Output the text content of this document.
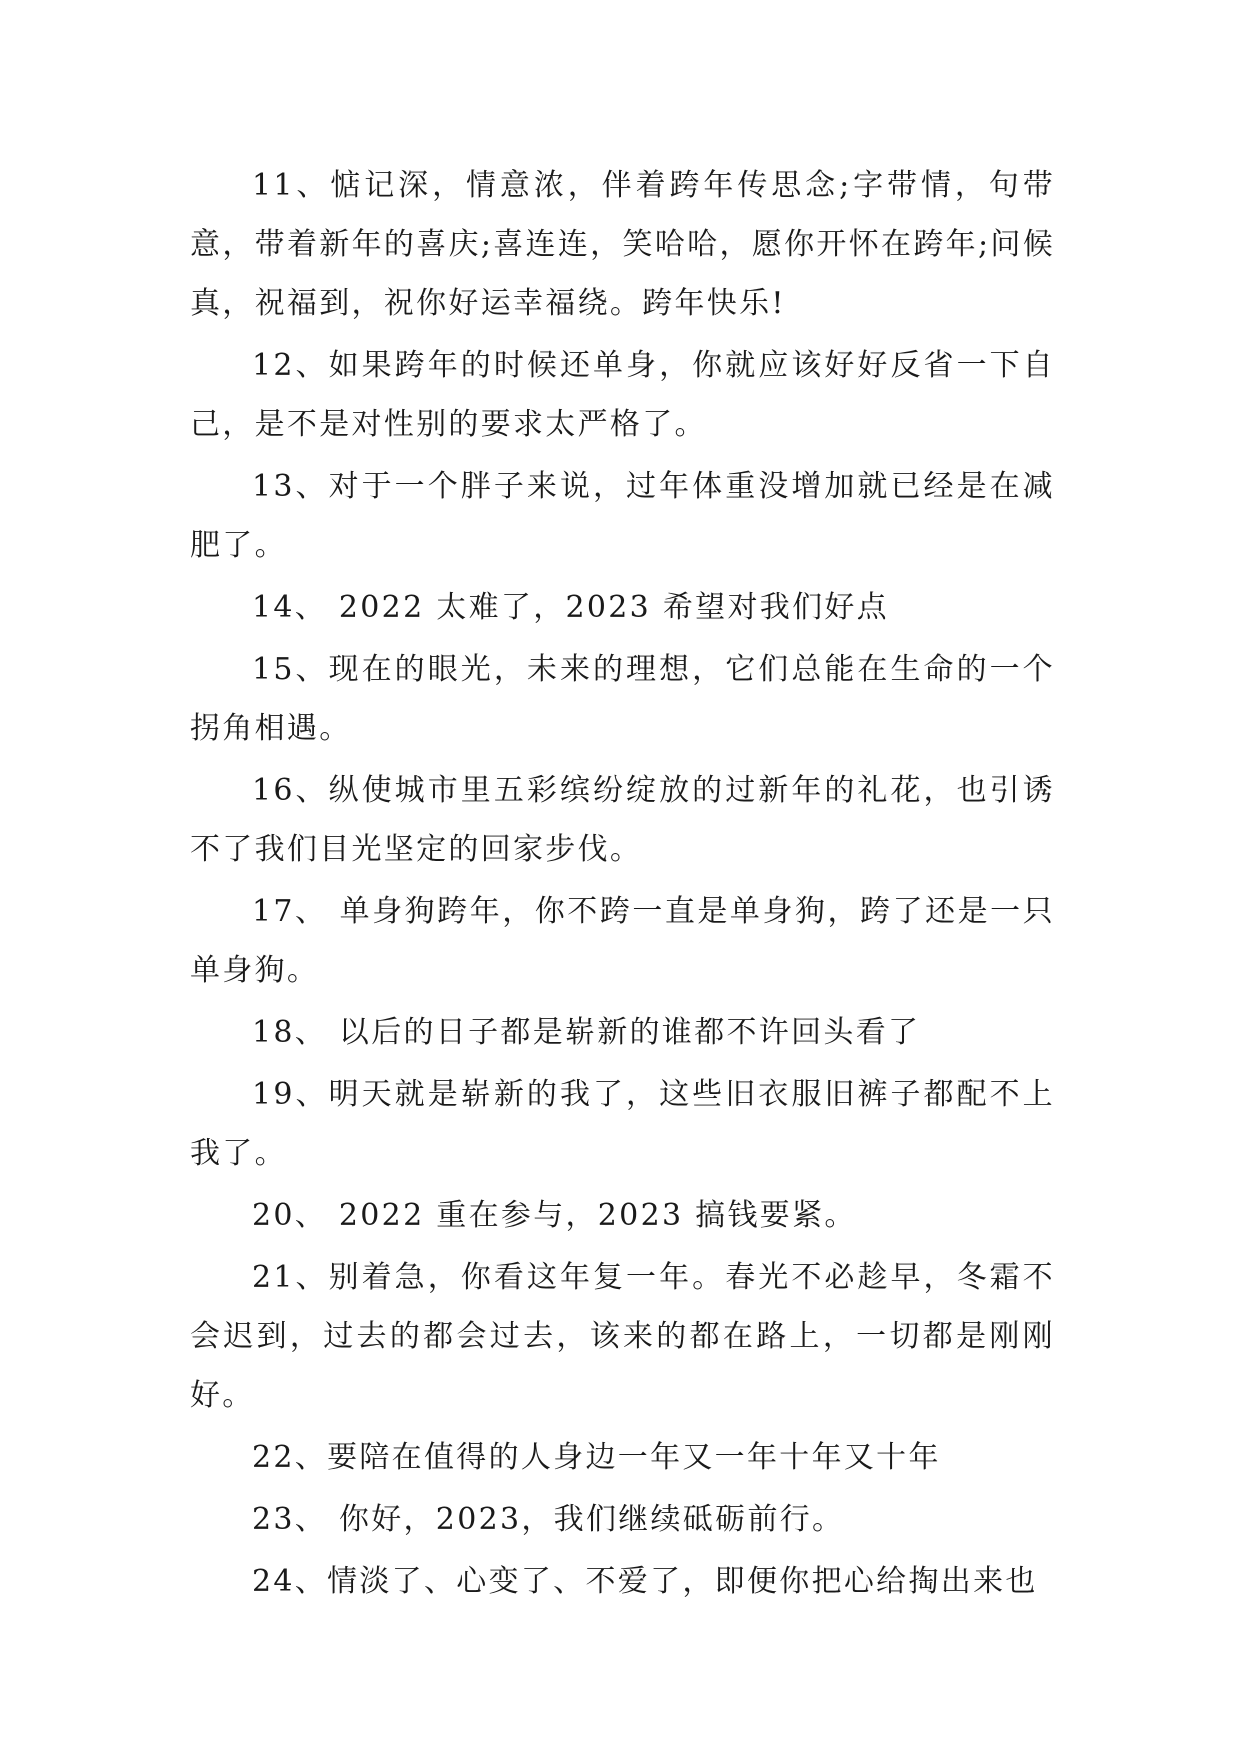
11、惦记深，情意浓，伴着跨年传思念;字带情，句带意，带着新年的喜庆;喜连连，笑哈哈，愿你开怀在跨年;问候真，祝福到，祝你好运幸福绕。跨年快乐!

12、如果跨年的时候还单身，你就应该好好反省一下自己，是不是对性别的要求太严格了。

13、对于一个胖子来说，过年体重没增加就已经是在减肥了。

14、 2022 太难了，2023 希望对我们好点

15、现在的眼光，未来的理想，它们总能在生命的一个拐角相遇。

16、纵使城市里五彩缤纷绽放的过新年的礼花，也引诱不了我们目光坚定的回家步伐。

17、 单身狗跨年，你不跨一直是单身狗，跨了还是一只单身狗。

18、 以后的日子都是崭新的谁都不许回头看了

19、明天就是崭新的我了，这些旧衣服旧裤子都配不上我了。

20、 2022 重在参与，2023 搞钱要紧。

21、别着急，你看这年复一年。春光不必趁早，冬霜不会迟到，过去的都会过去，该来的都在路上，一切都是刚刚好。

22、要陪在值得的人身边一年又一年十年又十年

23、 你好，2023，我们继续砥砺前行。

24、情淡了、心变了、不爱了，即便你把心给掏出来也
